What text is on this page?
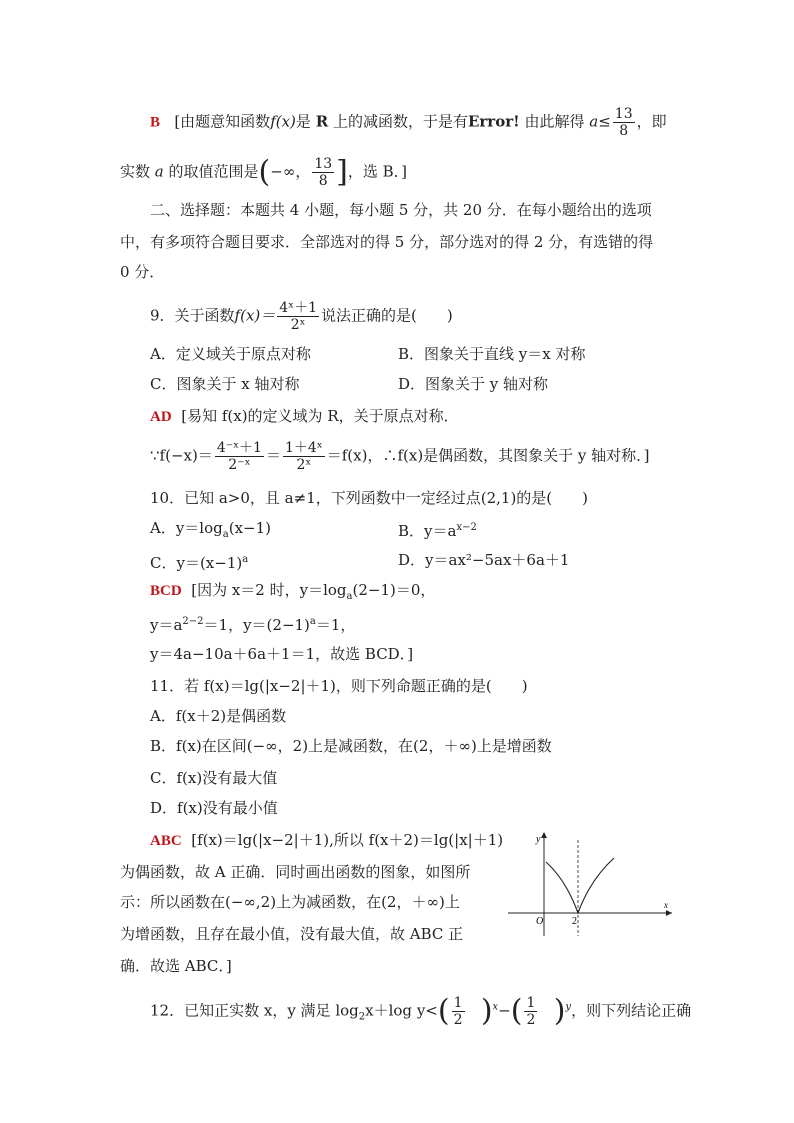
B [由题意知函数f(x)是 R 上的减函数，于是有Error! 由此解得 $a\le \frac{13}{8}$ ，即
实数 a 的取值范围是(−∞， $\frac{13}{8}$ ]，选 B．]
二、选择题：本题共 4 小题，每小题 5 分，共 20 分．在每小题给出的选项
中，有多项符合题目要求．全部选对的得 5 分，部分选对的得 2 分，有选错的得
0 分．
9．关于函数$f(x)= \frac{\text{4ˣ＋1}}{\text{2ˣ}}$ 说法正确的是(　　)
A．定义域关于原点对称	B．图象关于直线 y＝x 对称
C．图象关于 x 轴对称	D．图象关于 y 轴对称
AD [易知 f(x)的定义域为 R，关于原点对称．
∵f(−x)＝ $\frac{\text{4⁻ˣ＋1}}{\text{2⁻ˣ}} = \frac{\text{1＋4ˣ}}{\text{2ˣ}} =f(x)$，∴f(x)是偶函数，其图象关于 y 轴对称．]
10．已知 a>0，且 a≠1，下列函数中一定经过点(2,1)的是(　　)
A．$y=\log_a(x-1)$	B．$y=a^{x-2}$
C．$y=(x-1)^a$	D．y＝ax²−5ax＋6a＋1
BCD [因为 x＝2 时，$y=\log_a(2-1)=0$，
$y=a^{2-2}=1$，$y=(2-1)^a=1$，
y＝4a−10a＋6a＋1＝1，故选 BCD．]
11．若 f(x)＝lg(|x−2|＋1)，则下列命题正确的是(　　)
A．f(x＋2)是偶函数
B．f(x)在区间(−∞，2)上是减函数，在(2，＋∞)上是增函数
C．f(x)没有最大值
D．f(x)没有最小值
ABC [f(x)＝lg(|x−2|＋1),所以 f(x＋2)＝lg(|x|＋1)
为偶函数，故 A 正确．同时画出函数的图象，如图所
示：所以函数在(−∞,2)上为减函数，在(2，＋∞)上
为增函数，且存在最小值，没有最大值，故 ABC 正
确．故选 ABC．]
y
x
O	2
12．已知正实数 x，y 满足 $\log_2x+\log$ $y<( \frac{1}{2} )^x-( \frac{1}{2} )^y$，则下列结论正确
